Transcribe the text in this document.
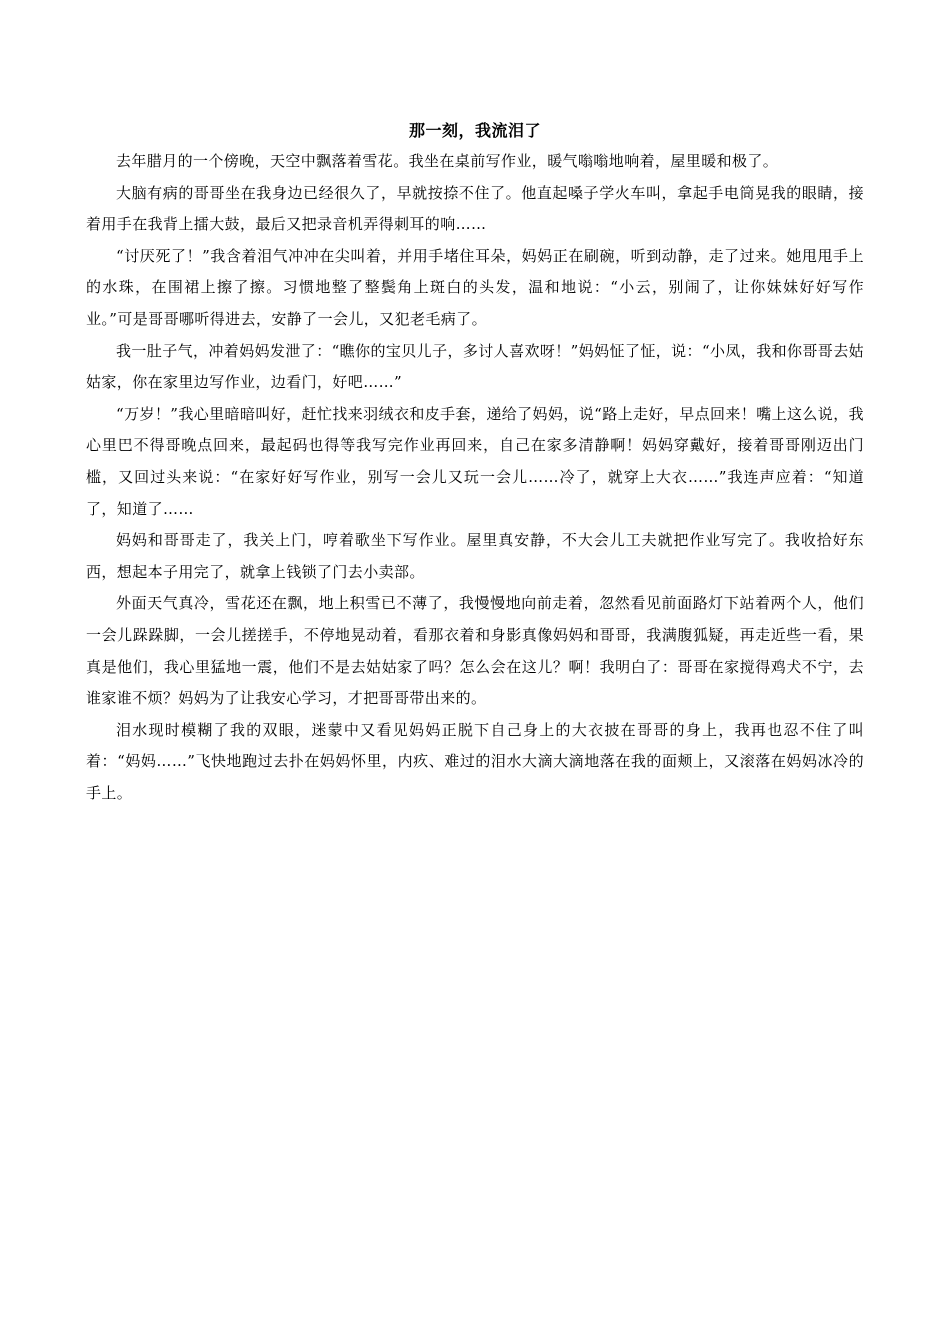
那一刻，我流泪了

去年腊月的一个傍晚，天空中飘落着雪花。我坐在桌前写作业，暖气嗡嗡地响着，屋里暖和极了。

大脑有病的哥哥坐在我身边已经很久了，早就按捺不住了。他直起嗓子学火车叫，拿起手电筒晃我的眼睛，接着用手在我背上擂大鼓，最后又把录音机弄得刺耳的响……

“讨厌死了！”我含着泪气冲冲在尖叫着，并用手堵住耳朵，妈妈正在刷碗，听到动静，走了过来。她甩甩手上的水珠，在围裙上擦了擦。习惯地整了整鬓角上斑白的头发，温和地说：“小云，别闹了，让你妹妹好好写作业。”可是哥哥哪听得进去，安静了一会儿，又犯老毛病了。

我一肚子气，冲着妈妈发泄了：“瞧你的宝贝儿子，多讨人喜欢呀！”妈妈怔了怔，说：“小凤，我和你哥哥去姑姑家，你在家里边写作业，边看门，好吧……”

“万岁！”我心里暗暗叫好，赶忙找来羽绒衣和皮手套，递给了妈妈，说“路上走好，早点回来！嘴上这么说，我心里巴不得哥晚点回来，最起码也得等我写完作业再回来，自己在家多清静啊！妈妈穿戴好，接着哥哥刚迈出门槛，又回过头来说：“在家好好写作业，别写一会儿又玩一会儿……冷了，就穿上大衣……”我连声应着：“知道了，知道了……

妈妈和哥哥走了，我关上门，哼着歌坐下写作业。屋里真安静，不大会儿工夫就把作业写完了。我收拾好东西，想起本子用完了，就拿上钱锁了门去小卖部。

外面天气真冷，雪花还在飘，地上积雪已不薄了，我慢慢地向前走着，忽然看见前面路灯下站着两个人，他们一会儿跺跺脚，一会儿搓搓手，不停地晃动着，看那衣着和身影真像妈妈和哥哥，我满腹狐疑，再走近些一看，果真是他们，我心里猛地一震，他们不是去姑姑家了吗？怎么会在这儿？啊！我明白了：哥哥在家搅得鸡犬不宁，去谁家谁不烦？妈妈为了让我安心学习，才把哥哥带出来的。

泪水现时模糊了我的双眼，迷蒙中又看见妈妈正脱下自己身上的大衣披在哥哥的身上，我再也忍不住了叫着：“妈妈……”飞快地跑过去扑在妈妈怀里，内疚、难过的泪水大滴大滴地落在我的面颊上，又滚落在妈妈冰冷的手上。
